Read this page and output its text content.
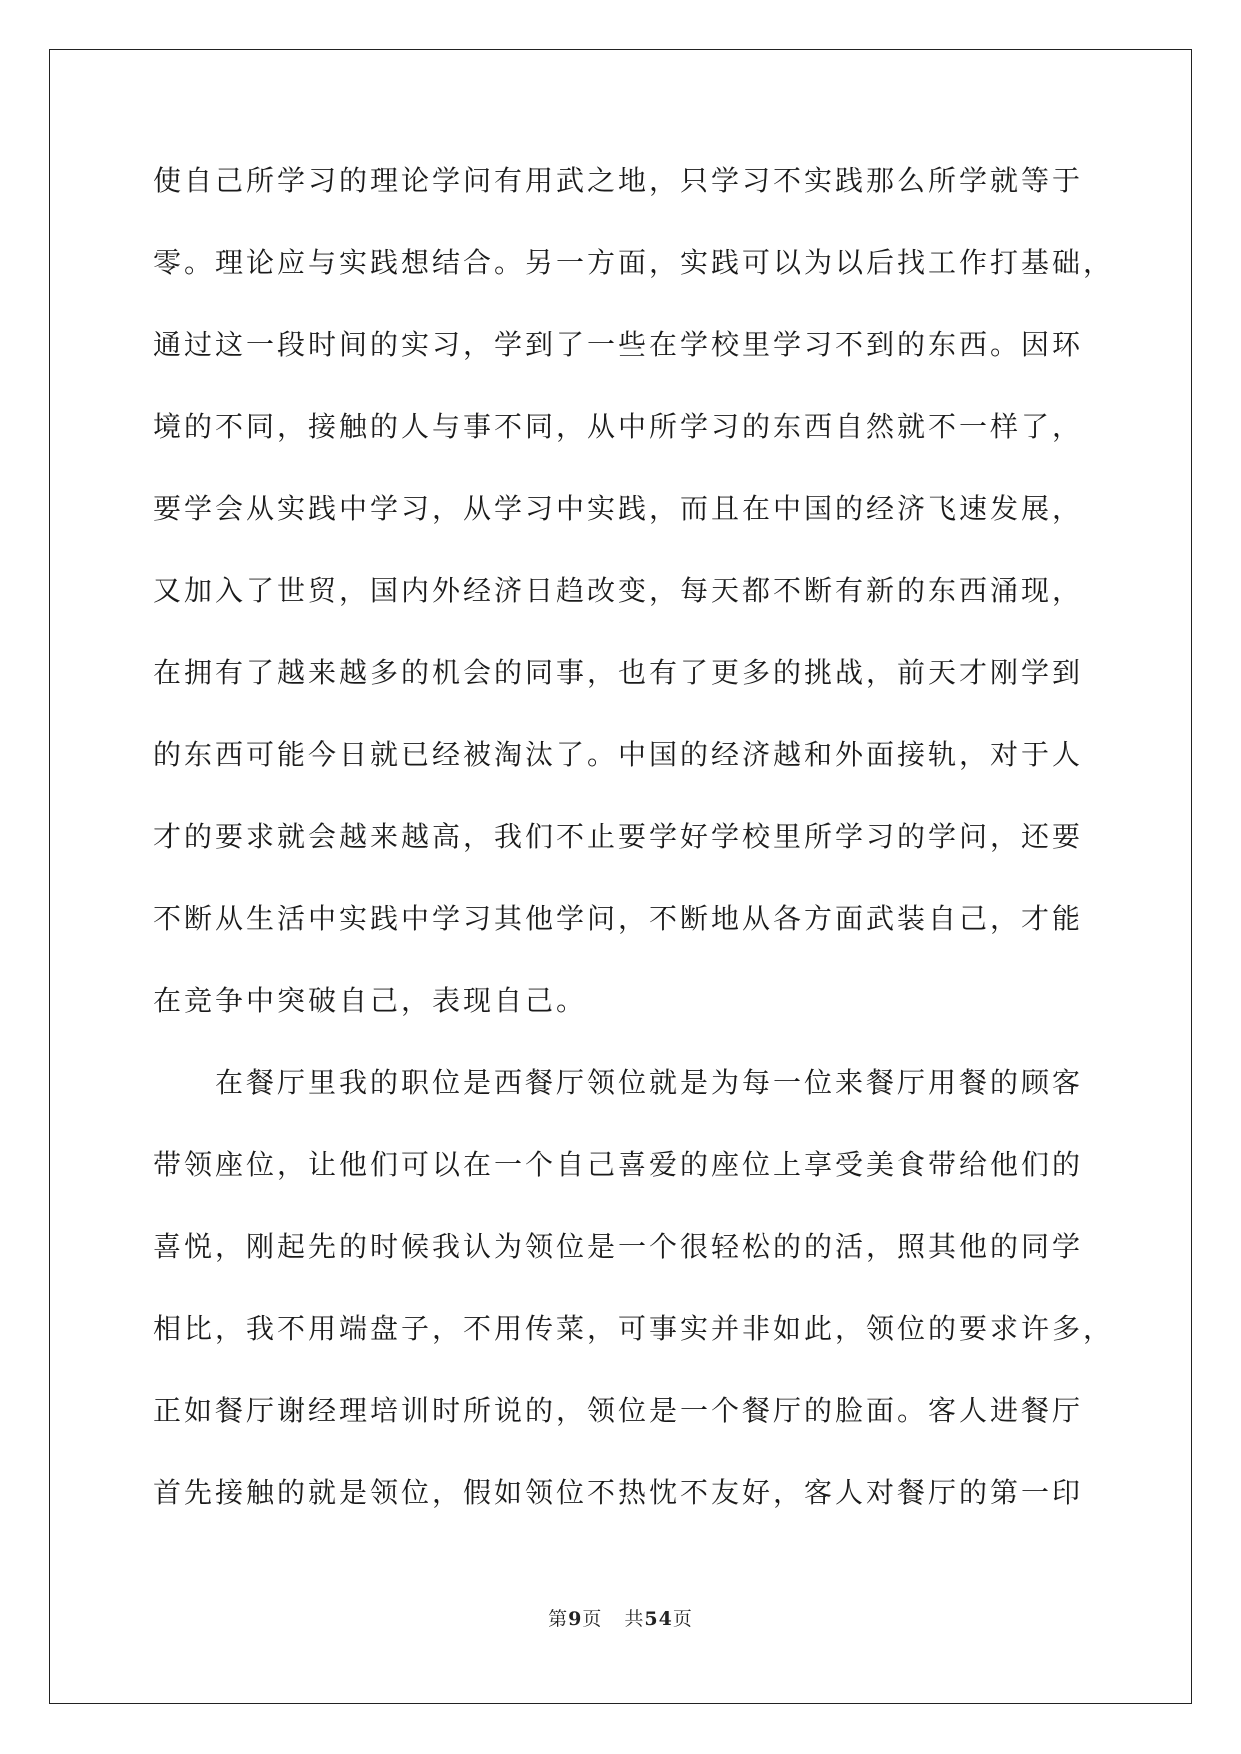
使自己所学习的理论学问有用武之地，只学习不实践那么所学就等于
零。理论应与实践想结合。另一方面，实践可以为以后找工作打基础，
通过这一段时间的实习，学到了一些在学校里学习不到的东西。因环
境的不同，接触的人与事不同，从中所学习的东西自然就不一样了，
要学会从实践中学习，从学习中实践，而且在中国的经济飞速发展，
又加入了世贸，国内外经济日趋改变，每天都不断有新的东西涌现，
在拥有了越来越多的机会的同事，也有了更多的挑战，前天才刚学到
的东西可能今日就已经被淘汰了。中国的经济越和外面接轨，对于人
才的要求就会越来越高，我们不止要学好学校里所学习的学问，还要
不断从生活中实践中学习其他学问，不断地从各方面武装自己，才能
在竞争中突破自己，表现自己。
在餐厅里我的职位是西餐厅领位就是为每一位来餐厅用餐的顾客
带领座位，让他们可以在一个自己喜爱的座位上享受美食带给他们的
喜悦，刚起先的时候我认为领位是一个很轻松的的活，照其他的同学
相比，我不用端盘子，不用传菜，可事实并非如此，领位的要求许多，
正如餐厅谢经理培训时所说的，领位是一个餐厅的脸面。客人进餐厅
首先接触的就是领位，假如领位不热忱不友好，客人对餐厅的第一印
第9页 共54页
